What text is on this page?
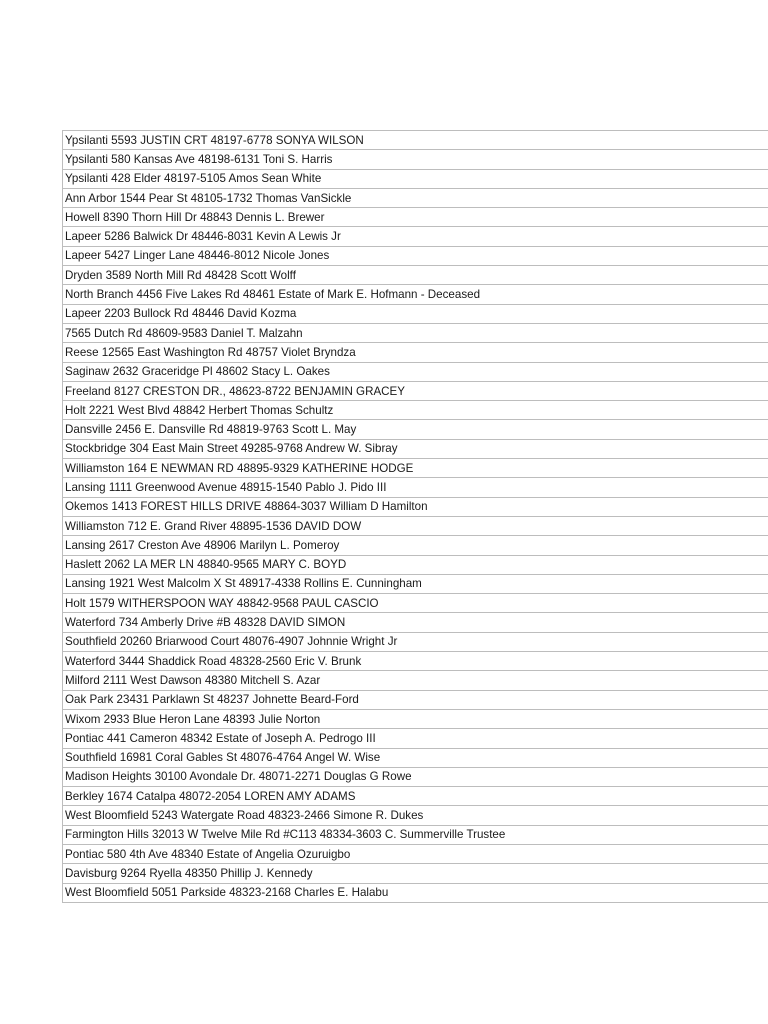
Ypsilanti 5593 JUSTIN CRT 48197-6778 SONYA WILSON
Ypsilanti 580 Kansas Ave 48198-6131 Toni S. Harris
Ypsilanti 428 Elder 48197-5105 Amos Sean White
Ann Arbor 1544 Pear St 48105-1732 Thomas VanSickle
Howell 8390 Thorn Hill Dr 48843 Dennis L. Brewer
Lapeer 5286 Balwick Dr 48446-8031 Kevin A Lewis Jr
Lapeer 5427 Linger Lane 48446-8012 Nicole Jones
Dryden 3589 North Mill Rd 48428 Scott Wolff
North Branch 4456 Five Lakes Rd 48461 Estate of Mark E. Hofmann - Deceased
Lapeer 2203 Bullock Rd 48446 David Kozma
7565 Dutch Rd 48609-9583 Daniel T. Malzahn
Reese 12565 East Washington Rd 48757 Violet Bryndza
Saginaw 2632 Graceridge Pl 48602 Stacy L. Oakes
Freeland 8127 CRESTON DR., 48623-8722 BENJAMIN GRACEY
Holt 2221 West Blvd 48842 Herbert Thomas Schultz
Dansville 2456 E. Dansville Rd 48819-9763 Scott L. May
Stockbridge 304 East Main Street 49285-9768 Andrew W. Sibray
Williamston 164 E NEWMAN RD 48895-9329 KATHERINE HODGE
Lansing 1111 Greenwood Avenue 48915-1540 Pablo J. Pido III
Okemos 1413 FOREST HILLS DRIVE 48864-3037 William D Hamilton
Williamston 712 E. Grand River 48895-1536 DAVID DOW
Lansing 2617 Creston Ave 48906 Marilyn L. Pomeroy
Haslett 2062 LA MER LN 48840-9565 MARY C. BOYD
Lansing 1921 West Malcolm X St 48917-4338 Rollins E. Cunningham
Holt 1579 WITHERSPOON WAY 48842-9568 PAUL CASCIO
Waterford 734 Amberly Drive #B 48328 DAVID SIMON
Southfield 20260 Briarwood Court 48076-4907 Johnnie Wright Jr
Waterford 3444 Shaddick Road 48328-2560 Eric V. Brunk
Milford 2111 West Dawson 48380 Mitchell S. Azar
Oak Park 23431 Parklawn St 48237 Johnette Beard-Ford
Wixom 2933 Blue Heron Lane 48393 Julie Norton
Pontiac 441 Cameron 48342 Estate of Joseph A. Pedrogo III
Southfield 16981 Coral Gables St 48076-4764 Angel W. Wise
Madison Heights 30100 Avondale Dr. 48071-2271 Douglas G Rowe
Berkley 1674 Catalpa 48072-2054 LOREN AMY ADAMS
West Bloomfield 5243 Watergate Road 48323-2466 Simone R. Dukes
Farmington Hills 32013 W Twelve Mile Rd #C113 48334-3603 C. Summerville Trustee
Pontiac 580 4th Ave 48340 Estate of Angelia Ozuruigbo
Davisburg 9264 Ryella 48350 Phillip J. Kennedy
West Bloomfield 5051 Parkside 48323-2168 Charles E. Halabu
